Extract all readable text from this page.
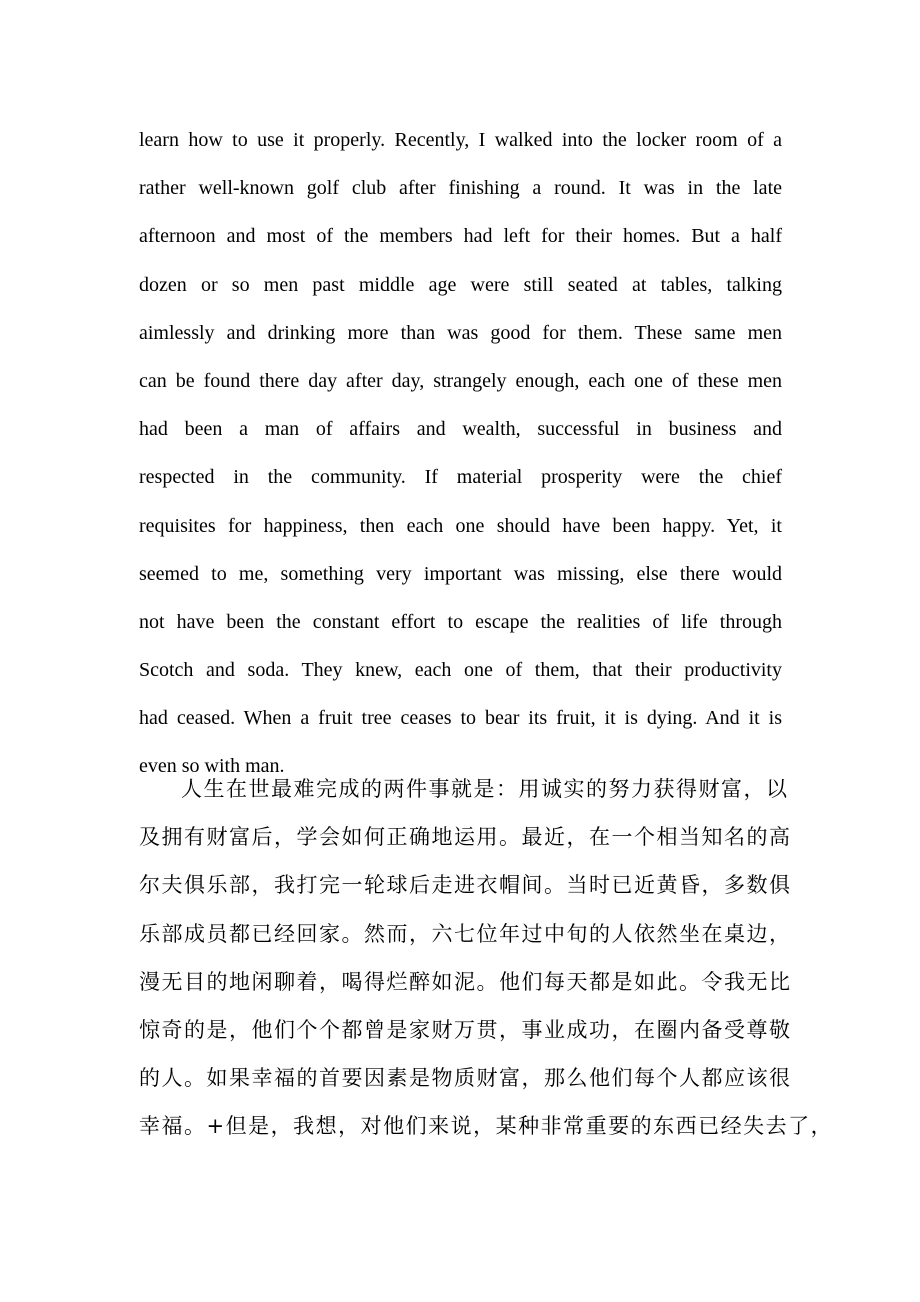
learn how to use it properly. Recently, I walked into the locker room of a
rather well-known golf club after finishing a round. It was in the late
afternoon and most of the members had left for their homes. But a half
dozen or so men past middle age were still seated at tables, talking
aimlessly and drinking more than was good for them. These same men
can be found there day after day, strangely enough, each one of these men
had been a man of affairs and wealth, successful in business and
respected in the community. If material prosperity were the chief
requisites for happiness, then each one should have been happy. Yet, it
seemed to me, something very important was missing, else there would
not have been the constant effort to escape the realities of life through
Scotch and soda. They knew, each one of them, that their productivity
had ceased. When a fruit tree ceases to bear its fruit, it is dying. And it is
even so with man.
人生在世最难完成的两件事就是：用诚实的努力获得财富，以
及拥有财富后，学会如何正确地运用。最近，在一个相当知名的高
尔夫俱乐部，我打完一轮球后走进衣帽间。当时已近黄昏，多数俱
乐部成员都已经回家。然而，六七位年过中旬的人依然坐在桌边，
漫无目的地闲聊着，喝得烂醉如泥。他们每天都是如此。令我无比
惊奇的是，他们个个都曾是家财万贯，事业成功，在圈内备受尊敬
的人。如果幸福的首要因素是物质财富，那么他们每个人都应该很
幸福。+但是，我想，对他们来说，某种非常重要的东西已经失去了，
